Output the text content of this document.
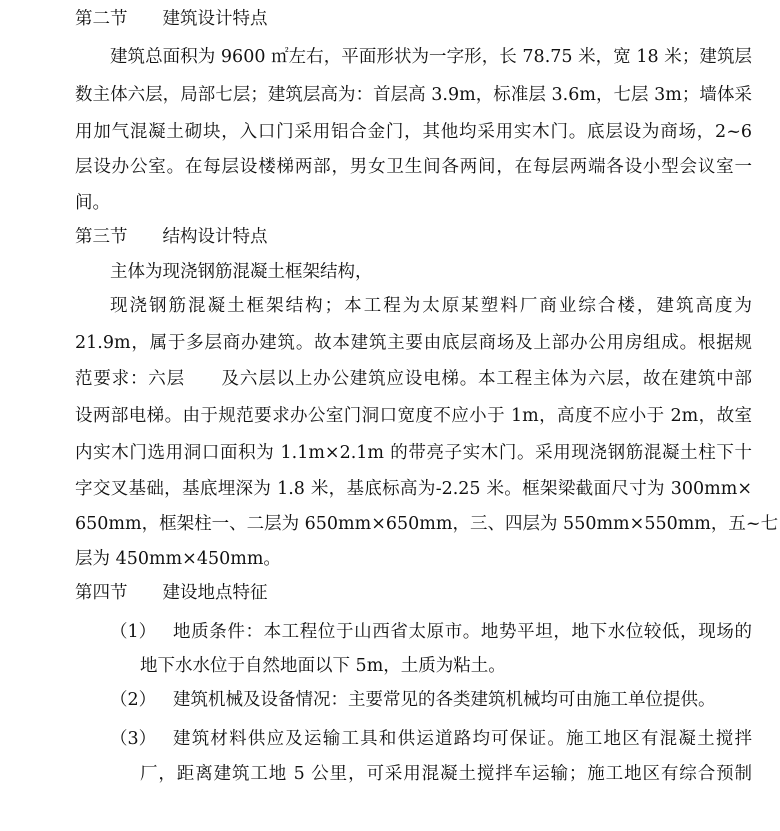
第二节　　建筑设计特点
建筑总面积为 9600 ㎡左右，平面形状为一字形，长 78.75 米，宽 18 米；建筑层
数主体六层，局部七层；建筑层高为：首层高 3.9m，标准层 3.6m，七层 3m；墙体采
用加气混凝土砌块，入口门采用铝合金门，其他均采用实木门。底层设为商场，2~6
层设办公室。在每层设楼梯两部，男女卫生间各两间，在每层两端各设小型会议室一
间。
第三节　　结构设计特点
主体为现浇钢筋混凝土框架结构，
现浇钢筋混凝土框架结构；本工程为太原某塑料厂商业综合楼，建筑高度为
21.9m，属于多层商办建筑。故本建筑主要由底层商场及上部办公用房组成。根据规
范要求：六层　　及六层以上办公建筑应设电梯。本工程主体为六层，故在建筑中部
设两部电梯。由于规范要求办公室门洞口宽度不应小于 1m，高度不应小于 2m，故室
内实木门选用洞口面积为 1.1m×2.1m 的带亮子实木门。采用现浇钢筋混凝土柱下十
字交叉基础，基底埋深为 1.8 米，基底标高为-2.25 米。框架梁截面尺寸为 300mm×
650mm，框架柱一、二层为 650mm×650mm，三、四层为 550mm×550mm，五~七
层为 450mm×450mm。
第四节　　建设地点特征
（1） 地质条件：本工程位于山西省太原市。地势平坦，地下水位较低，现场的
地下水水位于自然地面以下 5m，土质为粘土。
（2） 建筑机械及设备情况：主要常见的各类建筑机械均可由施工单位提供。
（3） 建筑材料供应及运输工具和供运道路均可保证。施工地区有混凝土搅拌
厂，距离建筑工地 5 公里，可采用混凝土搅拌车运输；施工地区有综合预制
